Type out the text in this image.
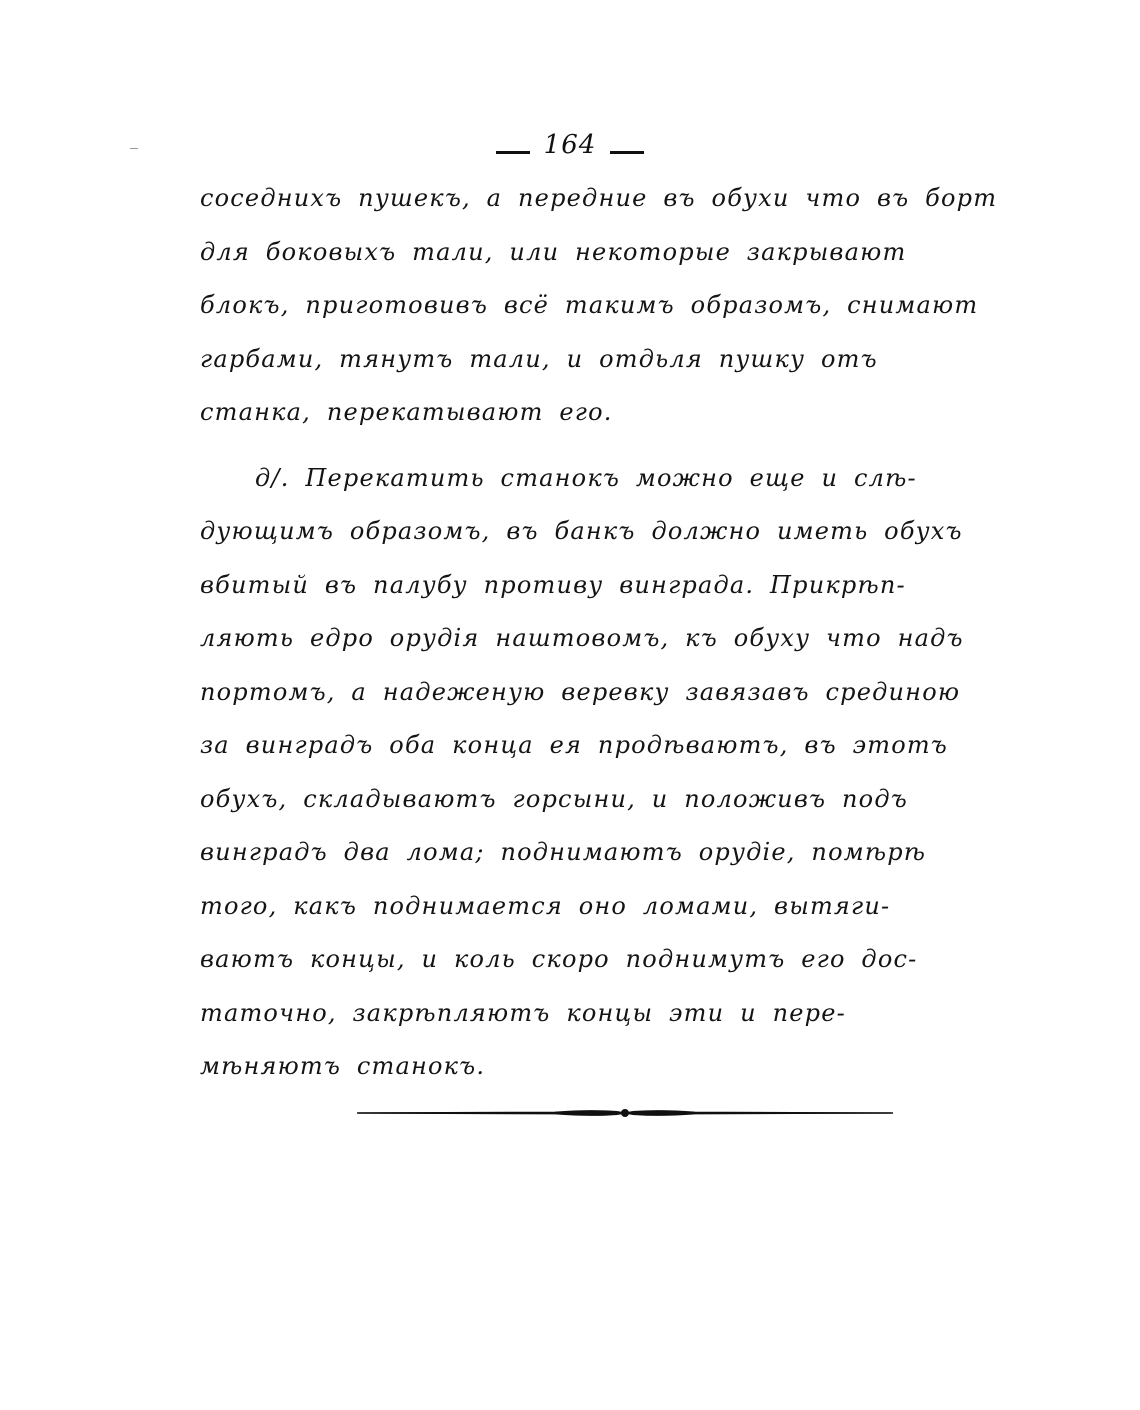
164
соседнихъ пушекъ, а передние въ обухи что въ борт
для боковыхъ тали, или некоторые закрывают
блокъ, приготовивъ всё такимъ образомъ, снимают
гарбами, тянутъ тали, и отдьля пушку отъ
станка, перекатывают его.
д/. Перекатить станокъ можно еще и слѣ-
дующимъ образомъ, въ банкъ должно иметь обухъ
вбитый въ палубу противу винграда. Прикрѣп-
ляють едро орудія наштовомъ, къ обуху что надъ
портомъ, а надеженую веревку завязавъ срединою
за винградъ оба конца ея продѣваютъ, въ этотъ
обухъ, складываютъ горсыни, и положивъ подъ
винградъ два лома; поднимаютъ орудіе, помѣрѣ
того, какъ поднимается оно ломами, вытяги-
ваютъ концы, и коль скоро поднимутъ его дос-
таточно, закрѣпляютъ концы эти и пере-
мѣняютъ станокъ.
